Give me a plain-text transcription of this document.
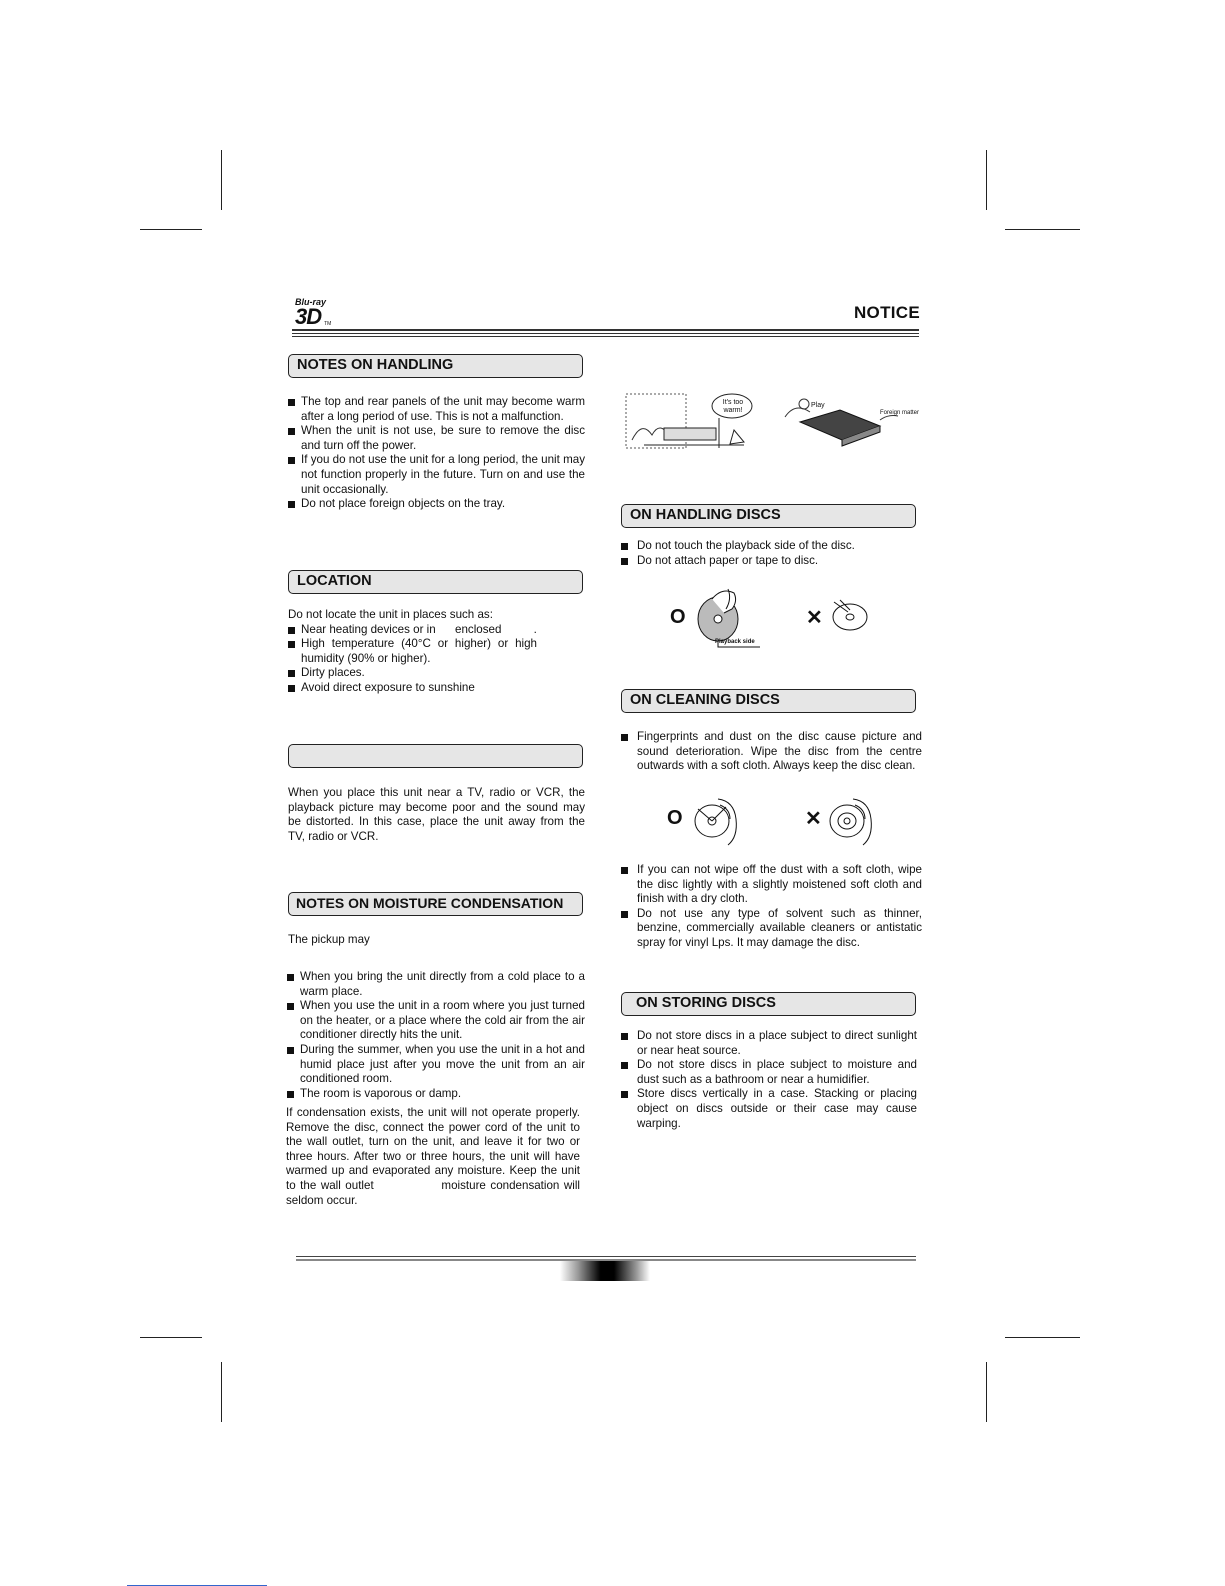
Blu-ray
3D TM
NOTICE
NOTES ON HANDLING
The top and rear panels of the unit may become warm after a long period of use. This is not a malfunction.
When the unit is not use, be sure to remove the disc and turn off the power.
If you do not use the unit for a long period, the unit may not function properly in the future. Turn on and use the unit occasionally.
Do not place foreign objects on the tray.
LOCATION

Do not locate the unit in places such as:

Near heating devices or in      enclosed          .
High temperature (40°C or higher) or high humidity (90% or higher).
Dirty places.
Avoid direct exposure to sunshine

When you place this unit near a TV, radio or VCR, the playback picture may become poor and the sound may be distorted. In this case, place the unit away from the TV, radio or VCR.

NOTES ON MOISTURE CONDENSATION

The pickup may

When you bring the unit directly from a cold place to a warm place.
When you use the unit in a room where you just turned on the heater, or a place where the cold air from the air conditioner directly hits the unit.
During the summer, when you use the unit in a hot and humid place just after you move the unit from an air conditioned room.
The room is vaporous or damp.

If condensation exists, the unit will not operate properly. Remove the disc, connect the power cord of the unit to the wall outlet, turn on the unit, and leave it for two or three hours. After two or three hours, the unit will have warmed up and evaporated any moisture. Keep the unit             to the wall outlet               moisture condensation will seldom occur.

It's too warm!
Play
Foreign matter
ON HANDLING DISCS
Do not touch the playback side of the disc.
Do not attach paper or tape to disc.
O
Playback side
✕
ON CLEANING DISCS
Fingerprints and dust on the disc cause picture and sound deterioration. Wipe the disc from the centre outwards with a soft cloth. Always keep the disc clean.
O	✕
If you can not wipe off the dust with a soft cloth, wipe the disc lightly with a slightly moistened soft cloth and finish with a dry cloth.
Do not use any type of solvent such as thinner, benzine, commercially available cleaners or antistatic spray for vinyl Lps. It may damage the disc.
ON STORING DISCS
Do not store discs in a place subject to direct sunlight or near heat source.
Do not store discs in place subject to moisture and dust such as a bathroom or near a humidifier.
Store discs vertically in a case. Stacking or placing object on discs outside or their case may cause warping.
